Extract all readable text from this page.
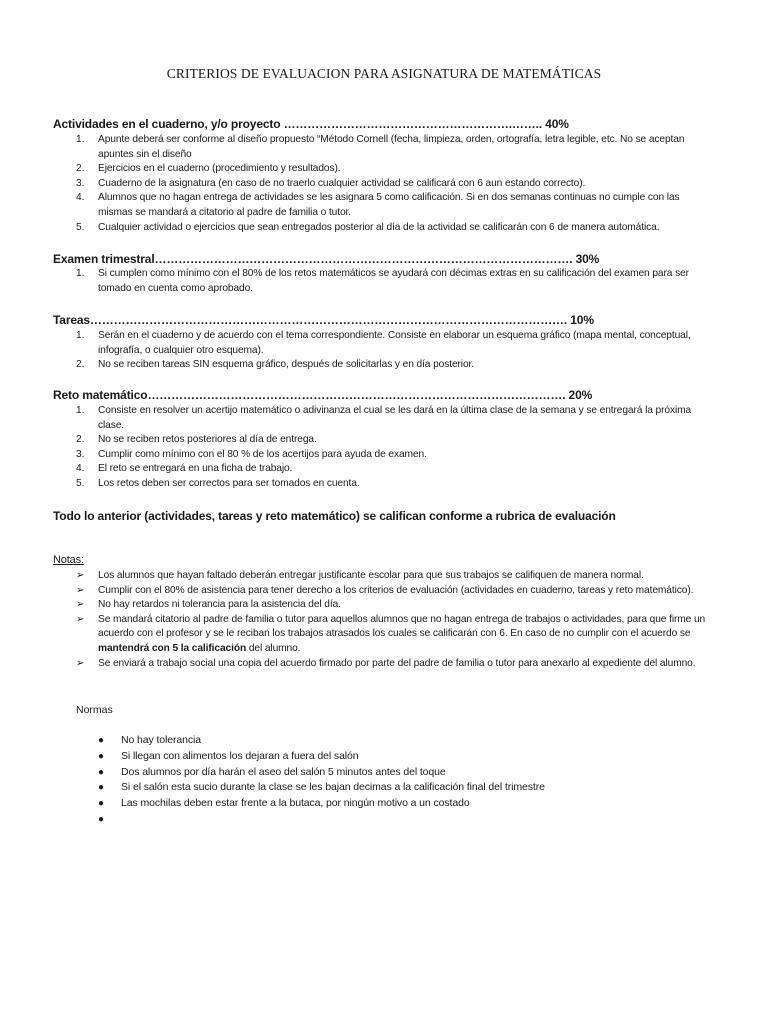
CRITERIOS DE EVALUACION PARA ASIGNATURA DE MATEMÁTICAS
Actividades en el cuaderno, y/o proyecto ………………………………………………….…….. 40%
1. Apunte deberá ser conforme al diseño propuesto “Método Cornell (fecha, limpieza, orden, ortografía, letra legible, etc. No se aceptan apuntes sin el diseño
2. Ejercicios en el cuaderno (procedimiento y resultados).
3. Cuaderno de la asignatura (en caso de no traerlo cualquier actividad se calificará con 6 aun estando correcto).
4. Alumnos que no hagan entrega de actividades se les asignara 5 como calificación. Si en dos semanas continuas no cumple con las mismas se mandará a citatorio al padre de familia o tutor.
5. Cualquier actividad o ejercicios que sean entregados posterior al día de la actividad se calificarán con 6 de manera automática.
Examen trimestral……………………………………………………………………………………………. 30%
1. Si cumplen como mínimo con el 80% de los retos matemáticos se ayudará con décimas extras en su calificación del examen para ser tomado en cuenta como aprobado.
Tareas…………………………………………………………………………………………………………. 10%
1. Serán en el cuaderno y de acuerdo con el tema correspondiente. Consiste en elaborar un esquema gráfico (mapa mental, conceptual, infografía, o cualquier otro esquema).
2. No se reciben tareas SIN esquema gráfico, después de solicitarlas y en día posterior.
Reto matemático……………………………………………………………………………………………. 20%
1. Consiste en resolver un acertijo matemático o adivinanza el cual se les dará en la última clase de la semana y se entregará la próxima clase.
2. No se reciben retos posteriores al día de entrega.
3. Cumplir como mínimo con el 80 % de los acertijos para ayuda de examen.
4. El reto se entregará en una ficha de trabajo.
5. Los retos deben ser correctos para ser tomados en cuenta.
Todo lo anterior (actividades, tareas y reto matemático) se califican conforme a rubrica de evaluación
Notas:
➢ Los alumnos que hayan faltado deberán entregar justificante escolar para que sus trabajos se califiquen de manera normal.
➢ Cumplir con el 80% de asistencia para tener derecho a los criterios de evaluación (actividades en cuaderno, tareas y reto matemático).
➢ No hay retardos ni tolerancia para la asistencia del día.
➢ Se mandará citatorio al padre de familia o tutor para aquellos alumnos que no hagan entrega de trabajos o actividades, para que firme un acuerdo con el profesor y se le reciban los trabajos atrasados los cuales se calificarán con 6. En caso de no cumplir con el acuerdo se mantendrá con 5 la calificación del alumno.
➢ Se enviará a trabajo social una copia del acuerdo firmado por parte del padre de familia o tutor para anexarlo al expediente del alumno.
Normas
● No hay tolerancia
● Si llegan con alimentos los dejaran a fuera del salón
● Dos alumnos por día harán el aseo del salón 5 minutos antes del toque
● Si el salón esta sucio durante la clase se les bajan decimas a la calificación final del trimestre
● Las mochilas deben estar frente a la butaca, por ningún motivo a un costado
●
